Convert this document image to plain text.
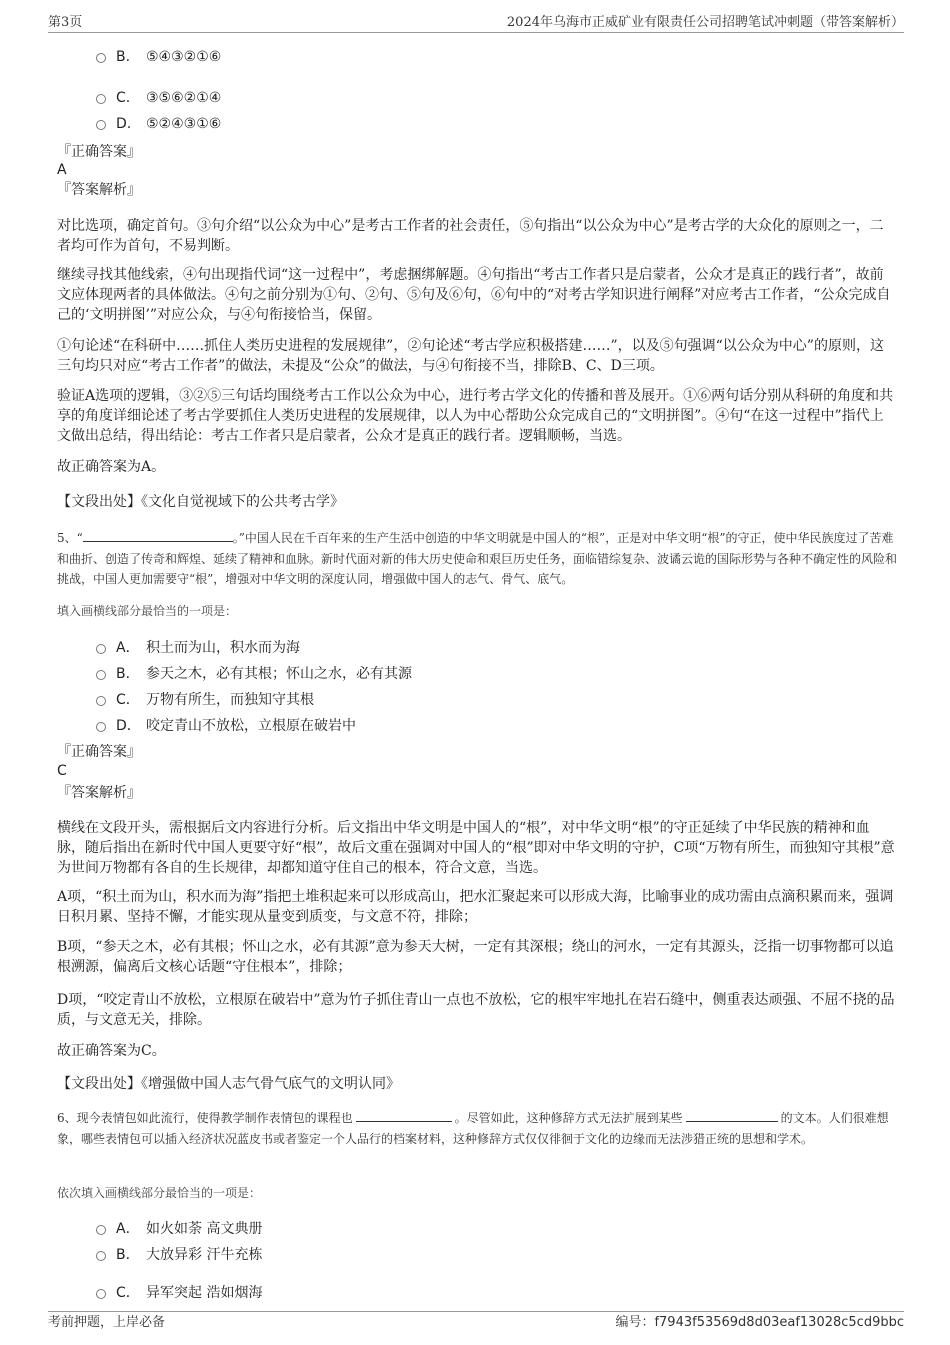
第3页	2024年乌海市正威矿业有限责任公司招聘笔试冲刺题（带答案解析）
B. ⑤④③②①⑥
C. ③⑤⑥②①④
D. ⑤②④③①⑥
『正确答案』
A
『答案解析』
对比选项，确定首句。③句介绍“以公众为中心”是考古工作者的社会责任，⑤句指出“以公众为中心”是考古学的大众化的原则之一，二者均可作为首句，不易判断。
继续寻找其他线索，④句出现指代词“这一过程中”，考虑捆绑解题。④句指出“考古工作者只是启蒙者，公众才是真正的践行者”，故前文应体现两者的具体做法。④句之前分别为①句、②句、⑤句及⑥句，⑥句中的“对考古学知识进行阐释”对应考古工作者，“公众完成自己的‘文明拼图’”对应公众，与④句衔接恰当，保留。
①句论述“在科研中……抓住人类历史进程的发展规律”，②句论述“考古学应积极搭建……”，以及⑤句强调“以公众为中心”的原则，这三句均只对应“考古工作者”的做法，未提及“公众”的做法，与④句衔接不当，排除B、C、D三项。
验证A选项的逻辑，③②⑤三句话均围绕考古工作以公众为中心，进行考古学文化的传播和普及展开。①⑥两句话分别从科研的角度和共享的角度详细论述了考古学要抓住人类历史进程的发展规律，以人为中心帮助公众完成自己的“文明拼图”。④句“在这一过程中”指代上文做出总结，得出结论：考古工作者只是启蒙者，公众才是真正的践行者。逻辑顺畅，当选。
故正确答案为A。
【文段出处】《文化自觉视域下的公共考古学》
5、“	。”中国人民在千百年来的生产生活中创造的中华文明就是中国人的“根”，正是对中华文明“根”的守正，使中华民族度过了苦难和曲折、创造了传奇和辉煌、延续了精神和血脉。新时代面对新的伟大历史使命和艰巨历史任务，面临错综复杂、波谲云诡的国际形势与各种不确定性的风险和挑战，中国人更加需要守“根”，增强对中华文明的深度认同，增强做中国人的志气、骨气、底气。
填入画横线部分最恰当的一项是：
A． 积土而为山，积水而为海
B． 参天之木，必有其根；怀山之水，必有其源
C． 万物有所生，而独知守其根
D． 咬定青山不放松，立根原在破岩中
『正确答案』
C
『答案解析』
横线在文段开头，需根据后文内容进行分析。后文指出中华文明是中国人的“根”，对中华文明“根”的守正延续了中华民族的精神和血脉，随后指出在新时代中国人更要守好“根”，故后文重在强调对中国人的“根”即对中华文明的守护，C项“万物有所生，而独知守其根”意为世间万物都有各自的生长规律，却都知道守住自己的根本，符合文意，当选。
A项，“积土而为山，积水而为海”指把土堆积起来可以形成高山，把水汇聚起来可以形成大海，比喻事业的成功需由点滴积累而来，强调日积月累、坚持不懈，才能实现从量变到质变，与文意不符，排除；
B项，“参天之木，必有其根；怀山之水，必有其源”意为参天大树，一定有其深根；绕山的河水，一定有其源头，泛指一切事物都可以追根溯源，偏离后文核心话题“守住根本”，排除；
D项，“咬定青山不放松，立根原在破岩中”意为竹子抓住青山一点也不放松，它的根牢牢地扎在岩石缝中，侧重表达顽强、不屈不挠的品质，与文意无关，排除。
故正确答案为C。
【文段出处】《增强做中国人志气骨气底气的文明认同》
6、现今表情包如此流行，使得教学制作表情包的课程也	。尽管如此，这种修辞方式无法扩展到某些	的文本。人们很难想象，哪些表情包可以插入经济状况蓝皮书或者鉴定一个人品行的档案材料，这种修辞方式仅仅徘徊于文化的边缘而无法涉猎正统的思想和学术。
依次填入画横线部分最恰当的一项是：
A． 如火如荼 高文典册
B． 大放异彩 汗牛充栋
C． 异军突起 浩如烟海
考前押题，上岸必备	编号：f7943f53569d8d03eaf13028c5cd9bbc
